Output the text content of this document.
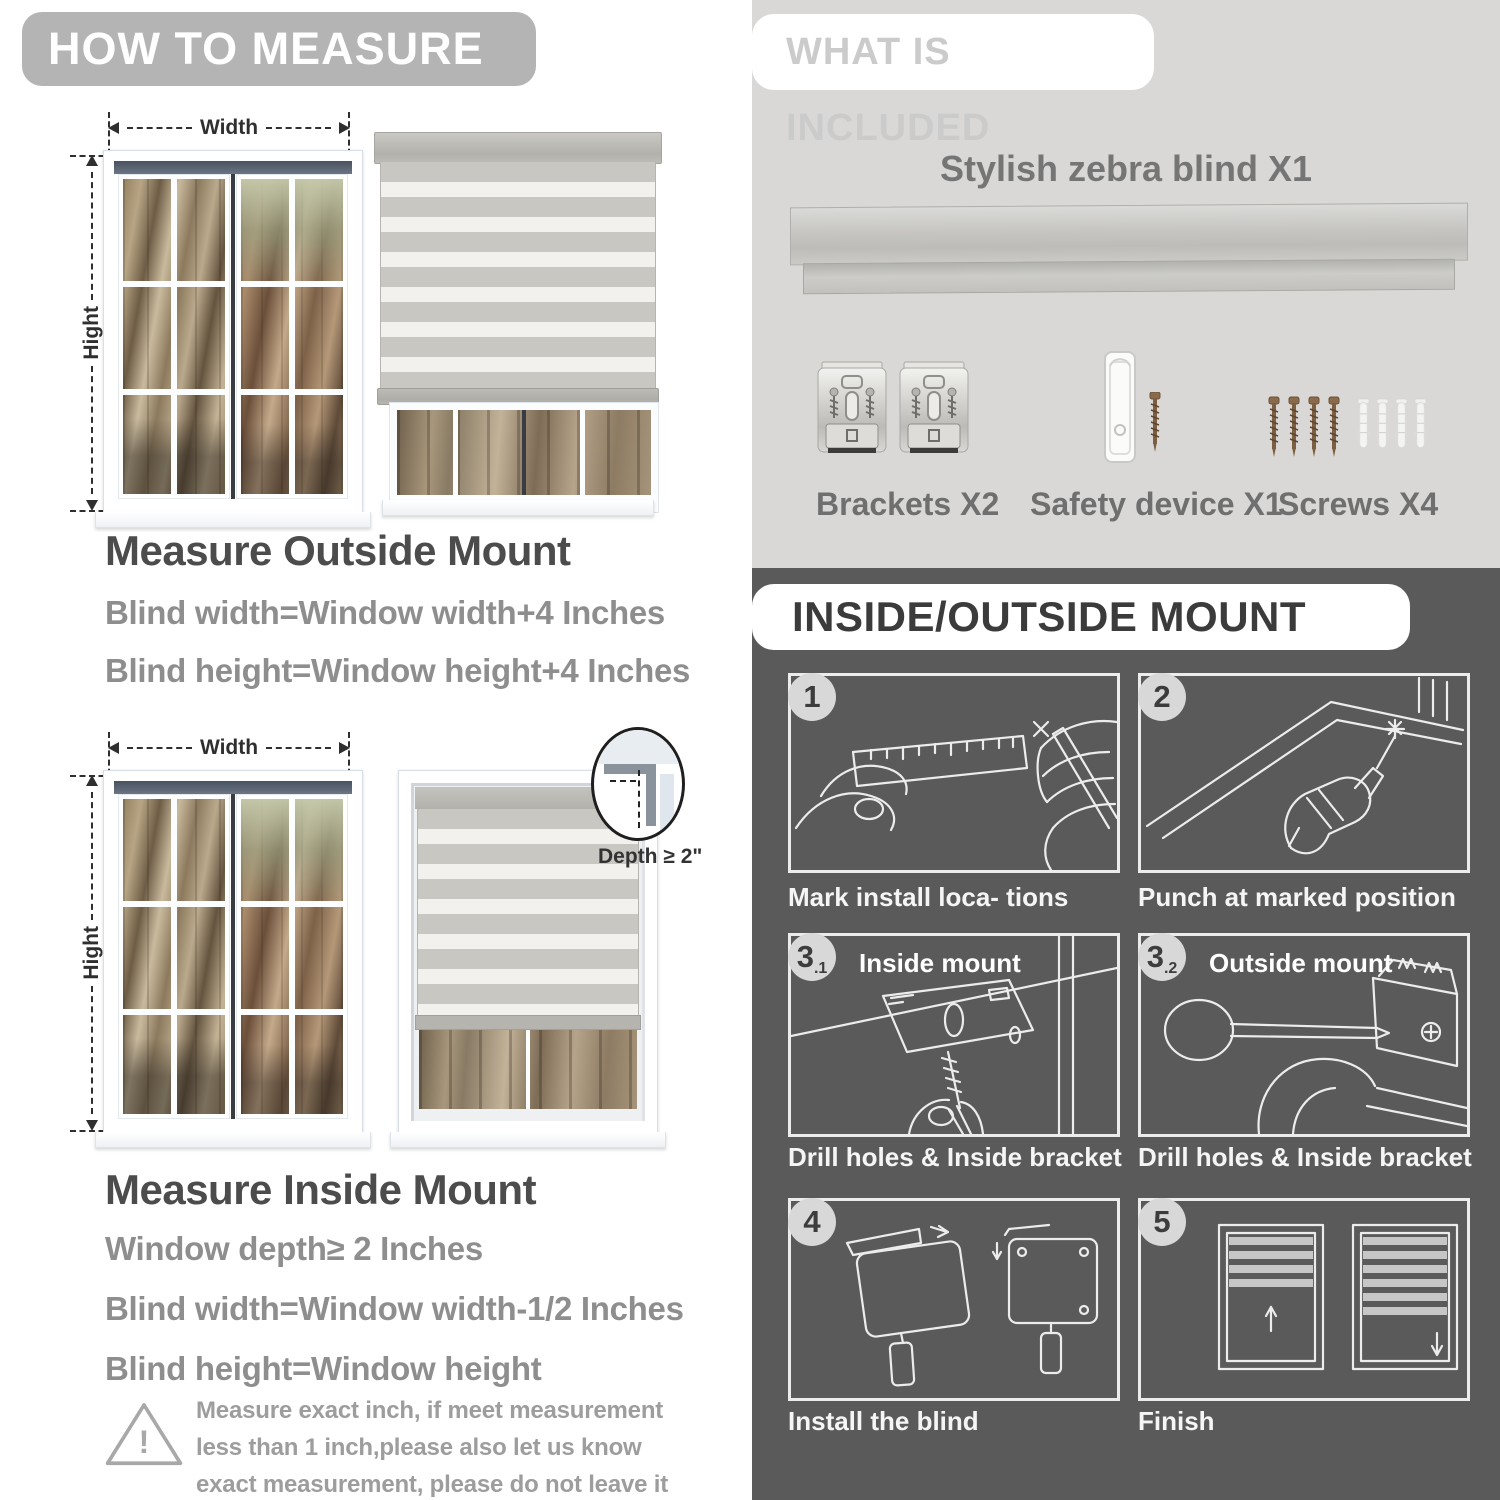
HOW TO MEASURE
Width
Hight
Measure Outside Mount
Blind width=Window width+4 Inches
Blind height=Window height+4 Inches
Width
Hight
Depth ≥ 2"
Measure Inside Mount
Window depth≥ 2 Inches
Blind width=Window width-1/2 Inches
Blind height=Window height
!
Measure exact inch, if meet measurement less than 1 inch,please also let us know exact measurement, please do not leave it
WHAT IS INCLUDED
Stylish zebra blind X1
Brackets X2 Safety device X1
Screws X4
INSIDE/OUTSIDE MOUNT
1
Mark install loca- tions
2
Punch at marked position
$3_{.1}$	Inside mount
Drill holes & Inside bracket
$3_{.2}$	Outside mount
Drill holes & Inside bracket
4
Install the blind
5
Finish
